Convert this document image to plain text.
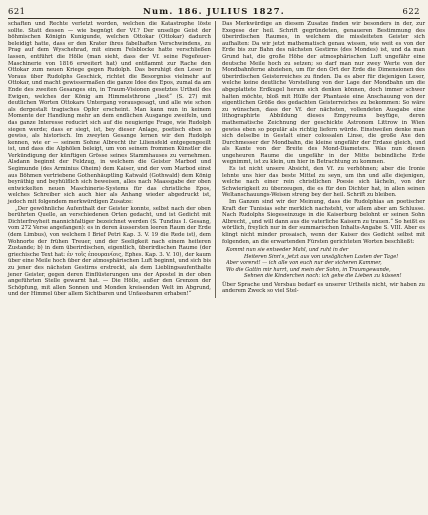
621	Num. 186. JULIUS 1827.	622

schaften und Rechte verletzt worden, welchen die Katastrophe löste sollte. Statt dessen — wie begnügt der Vf.? Der unselige Geist der böhmischen Königin Kunigunde, welchen Ottokar (Ottokar) dadurch beleidigt hatte, dass er den Krater ihres fabelhaften Verschwindens, zu Prag auf dem Wyschehrad, mit einem Felsblocke hatte verschließen lassen, entführt die Hölle (man sieht, dass der Vf. seine Fegefeuer-Maschinerie von 1816 erweitert hat) und entflammt zur Rache den Ottokar zum neuen Kriege gegen Rudolph. Das beruhigt den Leser in Voraus über Rudolphs Geschick, richtet die Besorgniss vielmehr auf Ottokar, und macht gewissermaßen die ganze Idee des Epos, zumal da am Ende des zweiten Gesanges ein, in Traum-Visionen gesetztes Urtheil des Ewigen, welches der König am Himmelsthrone „liest“ (S. 27) mit deutlichen Worten Ottokars Untergang vorausgesagt, und alle wie schon als dergestalt tragisches Opfer erscheint. Man kann nun in keinem Momente der Handlung mehr an dem endlichen Ausgange zweifeln, und das ganze Interesse reducirt sich auf die neugierige Frage, wie Rudolph siegen werde; dass er siegt, ist, bey dieser Anlage, poetisch eben so gewiss, als historisch. Im zweyten Gesange lernen wir den Rudolph kennen, wie er — seinem Sohne Albrecht ihr Liliensfeld entgegengeeilt ist, und dass die Alphölen beleigt, um von seinem frommen Künstler die Verkündigung der künftigen Grösse seines Stammhauses zu vernehmen. Alsdann beginnt der Feldzug, in welchem die Geister Marbod und Segimunde (des Arminius Oheim) dem Kaiser, und der vom Marbod einst aus Böhmen vertriebene Gothenhäuptling Katwald (Gothwald) dem König beyräthig und beyhülflich sich beweisen, alles nach Maassgabe der oben entwickelten neuen Maschinerie-Systems für das christliche Epos, welches Schreiber sich auch hier als Anhang wieder abgedruckt ist, jedoch mit folgendem merkwürdigen Zusatze:

„Der gewöhnliche Aufenthalt der Geister konnte, selbst nach der oben berührten Quelle, an verschiedenen Orten gedacht, und ist Gedicht mit Dichterfreyheit mannichfaltiger bezeichnet werden (S. Tundius I. Gesang, vom 272 Verse angefangen): es in deren äussersten leeren Raum der Erde (dem Limbus), von welchem I Brief Petri Kap. 3. V. 19 die Rede ist), dem Wohnorte der frühen Treuer, und der Seeligkeit nach einem heiteren Zustande; b) in dem überirdischen, eigentlich, überirdischen Raume (der griechische Text hat: ἐν τοῖς ἐπουρανίοις, Ephes. Kap. 3. V. 10), der kaum über eine Meile hoch über der atmosphärischen Luft beginnt, und sich bis zu jener des nächsten Gestirns erstreckt, als dem Lieblingsaufenthalte jener Geister, gegen deren Einflüsterungen uns der Apostel in der oben angeführten Stelle gewarnt hat. — Die Hölle, außer den Grenzen der Schöpfung, mit allen Sonnen und Monden kreisenden Welt im Abgrund, und der Himmel über allem Sichtbaren und Unfassbaren erhaben!“

Das Merkwürdige an diesem Zusatze finden wir besonders in der, zur Exegese der heil. Schrift gegründeten, genaueren Bestimmung des überirdischen Raumes, in welchem die missleiteten Geister sich aufhalten: Da wir jetzt mathematisch genau wissen, wie weit es von der Erde bis zur Bahn des nächsten Gestirns (des Mondes) ist, und da man Grund hat, die große Höhe der atmosphärischen Luft ungefähr eine deutsche Meile hoch zu setzen; so darf man nur zwey Werte von der Mondbahnferne abziehen, um für den Ort der Erde die Dimensionen des überirdischen Geisterreiches zu finden. Da es aber für diejenigen Leser, welche keine deutliche Vorstellung von der Lage der Mondbahn um die abgeplattete Erdkugel herum sich denken können, doch immer schwer halten möchte, bloß mit Hülfe der Phantasie eine Anschauung von der eigentlichen Größe des gedachten Geisterreiches zu bekommen: So wäre zu wünschen, dass der Vf. der nächsten, vollendeten Ausgabe eine lithographirte Abbildung dieses Empyreums beyfüge, deren mathematische Zeichnung der geschickte Astronom Littrow in Wien gewiss eben so populär als richtig liefern würde. Einstweilen denke man sich delselbe in Gestalt einer colossalen Linse, die große Axe den Durchmesser der Mondbahn, die kleine ungefähr der Erdaxe gleich, und als Kante von der Breite des Mond-Diameters. Was nun diesen ungeheuren Raume die ungefähr in der Mitte bebindliche Erde wegnimmt, ist zu klein, um hier in Betrachtung zu kommen.

Es ist nicht unsere Absicht, den Vf. zu verhöhnen; aber die Ironie lehnte uns hier das beste Mittel zu seyn, um ihn und alle diejenigen, welche nach einer rein christlichen Poesie sich lächeln, von der Schwierigkeit zu überzeugen, die es für den Dichter hat, in allen seinen Weltanschauungs-Weisen streng bey der heil. Schrift zu bleiben.

Im Ganzen sind wir der Meinung, dass die Rudolphias an poetischer Kraft der Tunisias sehr merklich nachsteht, vor allem aber am Schlusse. Nach Rudolphs Siegeseinzuge in die Kaiserburg belohnt er seinen Sohn Albrecht, „und will dann aus die vaterliche Kaisern zu trauen.“ So heißt es wörtlich, freylich nur in der summarischen Inhalts-Angabe S. VIII. Aber es klingt nicht minder prosaisch, wenn der Kaiser des Gedicht selbst mit folgenden, an die erwartenden Fürsten gerichteten Worten beschließt:

Kommt nun sie entweder Mahl, und ruht in der
Heiteren Sinn's, jetzt aus von unsäglichen Lasten der Tage!
Aber vorerst! — ich alle von euch nur der sicheren Kammer,
Wo die Gattin mir harrt, und mein der Sohn, in Traumgewande,
Sehnen die Kinderchen noch: ich gehe die Lieben zu küssen!

Über Sprache und Versbau bedarf es unserer Urtheils nicht, wir haben zu anderem Zweck so viel Stel-
